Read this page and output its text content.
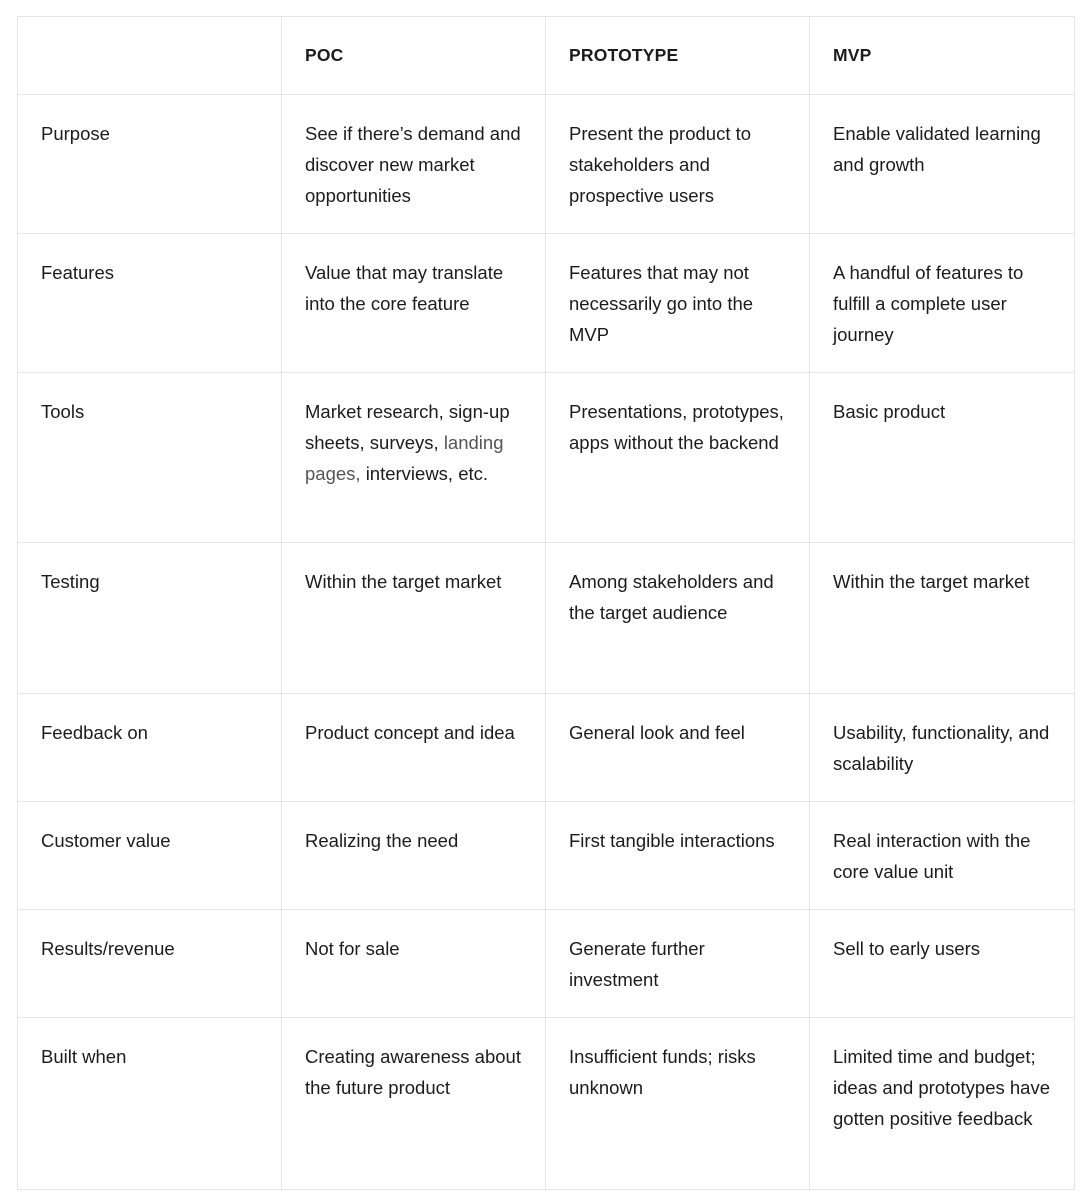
	POC	PROTOTYPE	MVP
Purpose	See if there’s demand and discover new market opportunities	Present the product to stakeholders and prospective users	Enable validated learning and growth
Features	Value that may translate into the core feature	Features that may not necessarily go into the MVP	A handful of features to fulfill a complete user journey
Tools	Market research, sign-up sheets, surveys, landing pages, interviews, etc.	Presentations, prototypes, apps without the backend	Basic product
Testing	Within the target market	Among stakeholders and the target audience	Within the target market
Feedback on	Product concept and idea	General look and feel	Usability, functionality, and scalability
Customer value	Realizing the need	First tangible interactions	Real interaction with the core value unit
Results/revenue	Not for sale	Generate further investment	Sell to early users
Built when	Creating awareness about the future product	Insufficient funds; risks unknown	Limited time and budget; ideas and prototypes have gotten positive feedback
